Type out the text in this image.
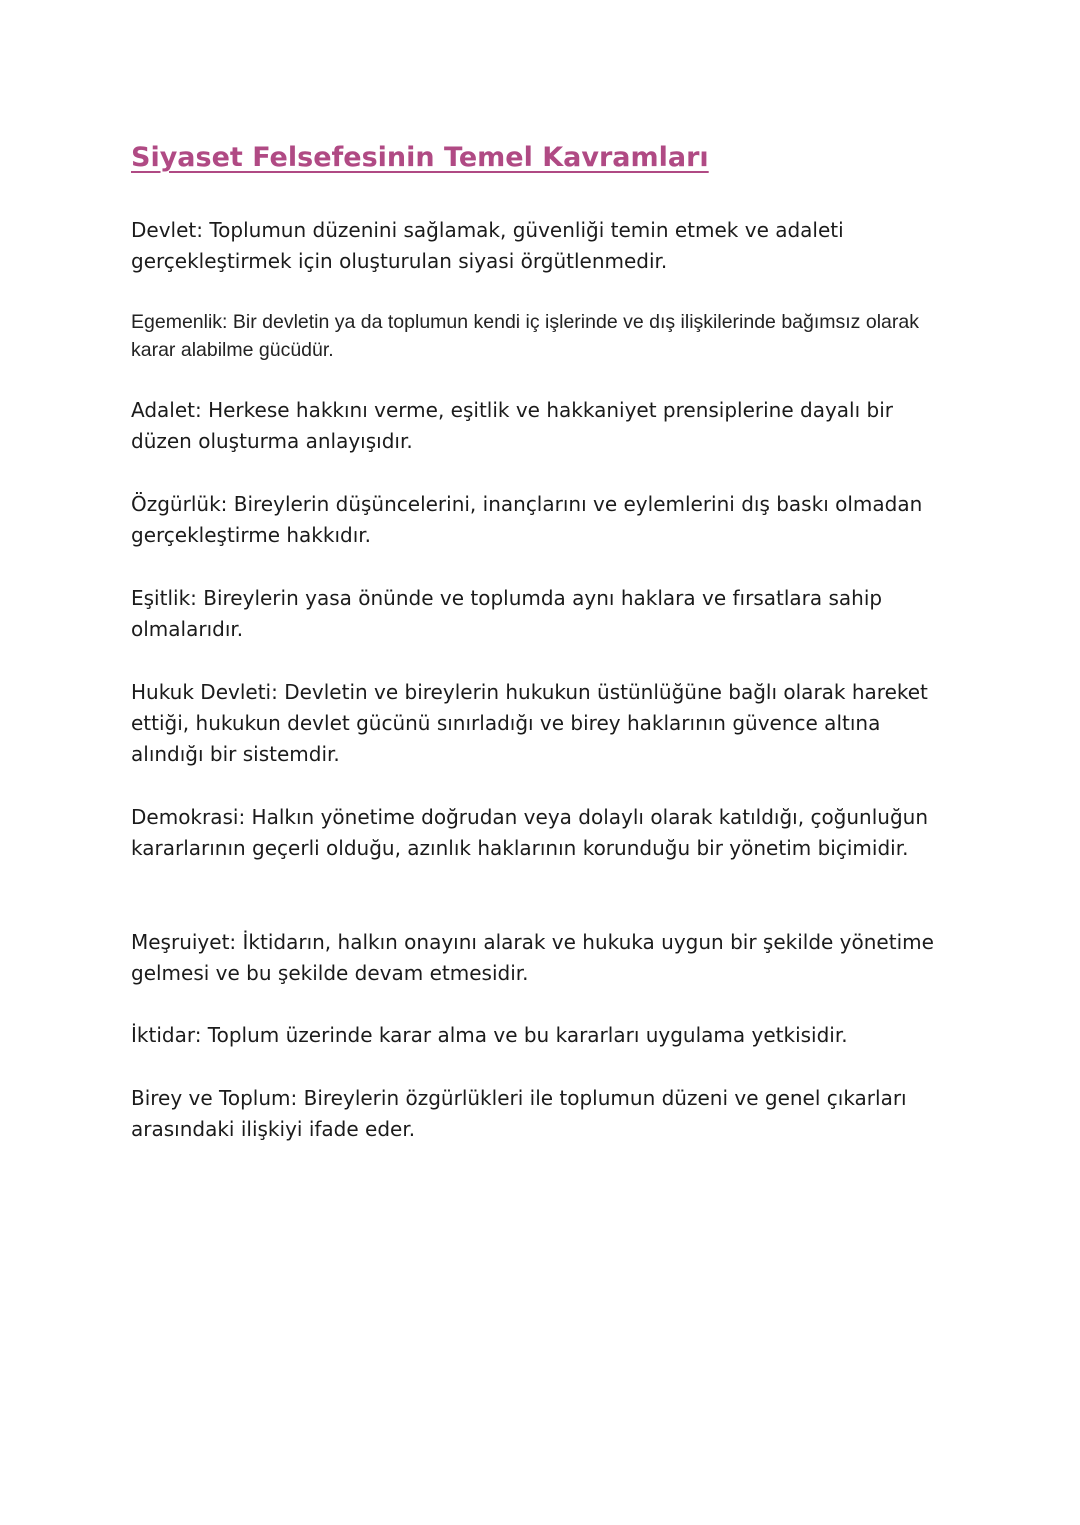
Siyaset Felsefesinin Temel Kavramları

Devlet: Toplumun düzenini sağlamak, güvenliği temin etmek ve adaleti gerçekleştirmek için oluşturulan siyasi örgütlenmedir.

Egemenlik: Bir devletin ya da toplumun kendi iç işlerinde ve dış ilişkilerinde bağımsız olarak karar alabilme gücüdür.

Adalet: Herkese hakkını verme, eşitlik ve hakkaniyet prensiplerine dayalı bir düzen oluşturma anlayışıdır.

Özgürlük: Bireylerin düşüncelerini, inançlarını ve eylemlerini dış baskı olmadan gerçekleştirme hakkıdır.

Eşitlik: Bireylerin yasa önünde ve toplumda aynı haklara ve fırsatlara sahip olmalarıdır.

Hukuk Devleti: Devletin ve bireylerin hukukun üstünlüğüne bağlı olarak hareket ettiği, hukukun devlet gücünü sınırladığı ve birey haklarının güvence altına alındığı bir sistemdir.

Demokrasi: Halkın yönetime doğrudan veya dolaylı olarak katıldığı, çoğunluğun kararlarının geçerli olduğu, azınlık haklarının korunduğu bir yönetim biçimidir.

Meşruiyet: İktidarın, halkın onayını alarak ve hukuka uygun bir şekilde yönetime gelmesi ve bu şekilde devam etmesidir.

İktidar: Toplum üzerinde karar alma ve bu kararları uygulama yetkisidir.

Birey ve Toplum: Bireylerin özgürlükleri ile toplumun düzeni ve genel çıkarları arasındaki ilişkiyi ifade eder.
